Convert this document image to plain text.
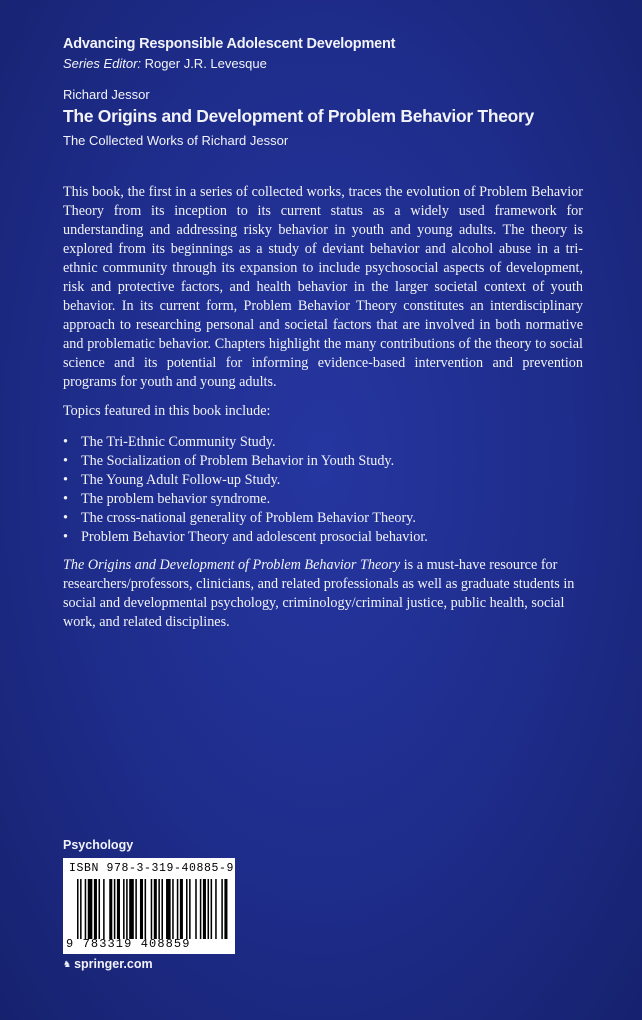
Advancing Responsible Adolescent Development
Series Editor: Roger J.R. Levesque
Richard Jessor
The Origins and Development of Problem Behavior Theory
The Collected Works of Richard Jessor

This book, the first in a series of collected works, traces the evolution of Problem Behavior Theory from its inception to its current status as a widely used framework for understanding and addressing risky behavior in youth and young adults. The theory is explored from its beginnings as a study of deviant behavior and alcohol abuse in a tri-ethnic community through its expansion to include psychosocial aspects of development, risk and protective factors, and health behavior in the larger societal context of youth behavior. In its current form, Problem Behavior Theory constitutes an interdisciplinary approach to researching personal and societal factors that are involved in both normative and problematic behavior. Chapters highlight the many contributions of the theory to social science and its potential for informing evidence-based intervention and prevention programs for youth and young adults.

Topics featured in this book include:

• The Tri-Ethnic Community Study.
• The Socialization of Problem Behavior in Youth Study.
• The Young Adult Follow-up Study.
• The problem behavior syndrome.
• The cross-national generality of Problem Behavior Theory.
• Problem Behavior Theory and adolescent prosocial behavior.

The Origins and Development of Problem Behavior Theory is a must-have resource for researchers/professors, clinicians, and related professionals as well as graduate students in social and developmental psychology, criminology/criminal justice, public health, social work, and related disciplines.

Psychology
ISBN 978-3-319-40885-9
9 783319 408859
♞ springer.com
